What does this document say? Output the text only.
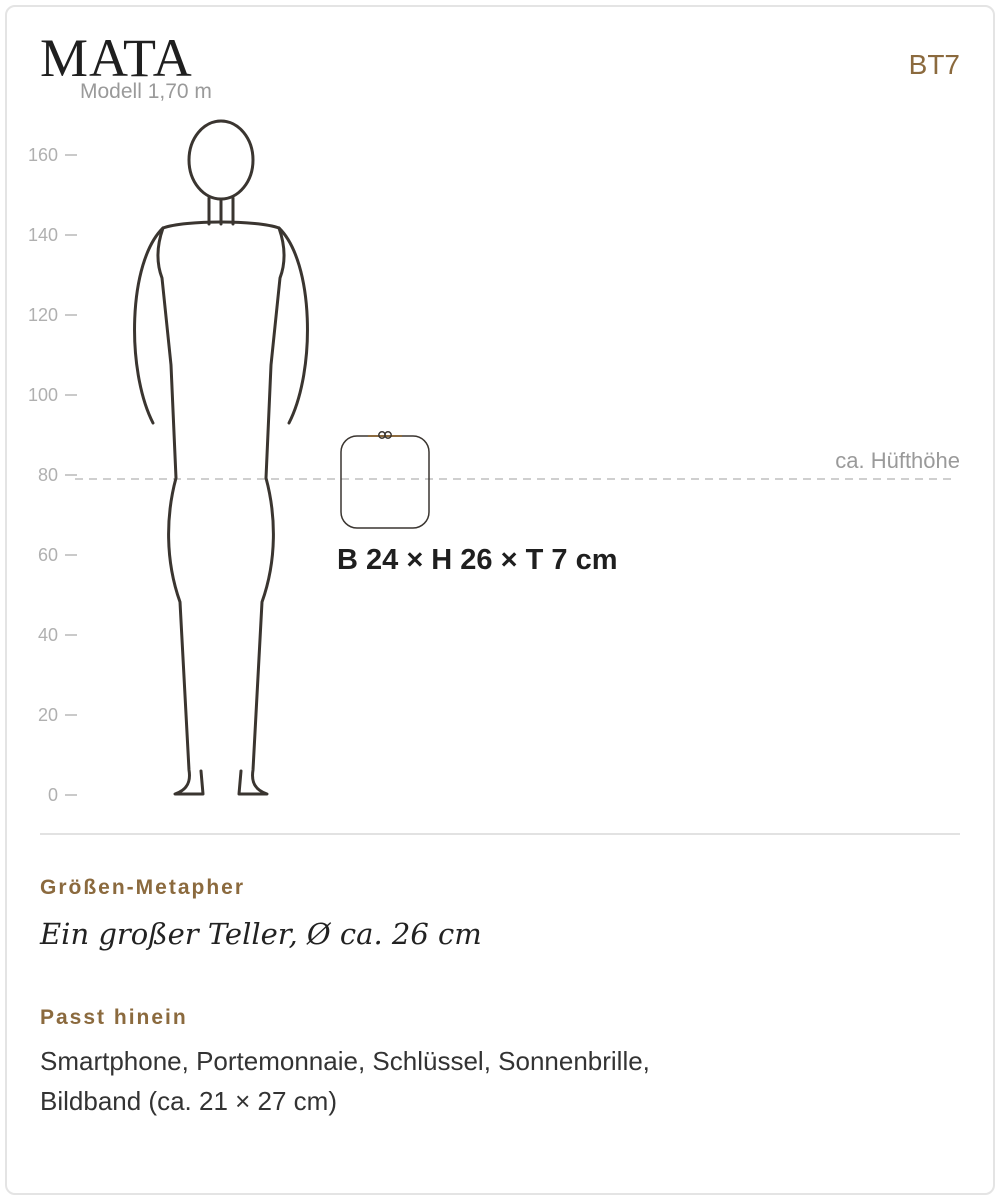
MATA	BT7
Modell 1,70 m
0
20
40
60
80
100
120
140
160
ca. Hüfthöhe
B 24 × H 26 × T 7 cm
Größen-Metapher
Ein großer Teller, Ø ca. 26 cm
Passt hinein
Smartphone, Portemonnaie, Schlüssel, Sonnenbrille, Bildband (ca. 21 × 27 cm)
